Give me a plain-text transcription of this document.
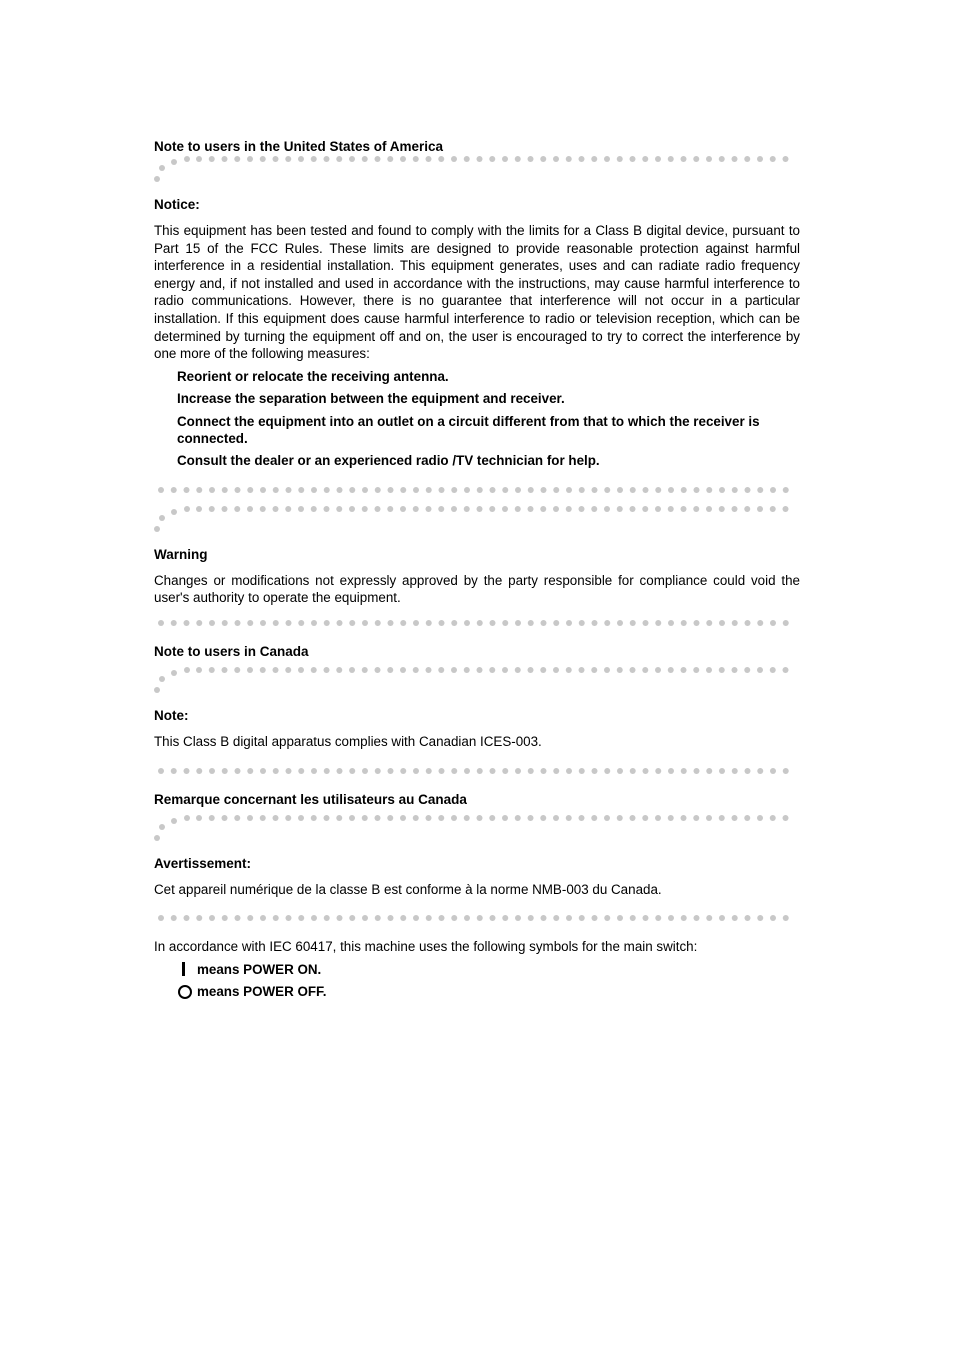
Note to users in the United States of America

Notice:

This equipment has been tested and found to comply with the limits for a Class B digital device, pursuant to Part 15 of the FCC Rules. These limits are designed to provide reasonable protection against harmful interference in a residential installation. This equipment generates, uses and can radiate radio frequency energy and, if not installed and used in accordance with the instructions, may cause harmful interference to radio communications. However, there is no guarantee that interference will not occur in a particular installation. If this equipment does cause harmful interference to radio or television reception, which can be determined by turning the equipment off and on, the user is encouraged to try to correct the interference by one more of the following measures:

Reorient or relocate the receiving antenna.

Increase the separation between the equipment and receiver.

Connect the equipment into an outlet on a circuit different from that to which the receiver is connected.

Consult the dealer or an experienced radio /TV technician for help.

Warning

Changes or modifications not expressly approved by the party responsible for compliance could void the user's authority to operate the equipment.

Note to users in Canada

Note:

This Class B digital apparatus complies with Canadian ICES-003.

Remarque concernant les utilisateurs au Canada

Avertissement:

Cet appareil numérique de la classe B est conforme à la norme NMB-003 du Canada.

In accordance with IEC 60417, this machine uses the following symbols for the main switch:

means POWER ON.
means POWER OFF.
